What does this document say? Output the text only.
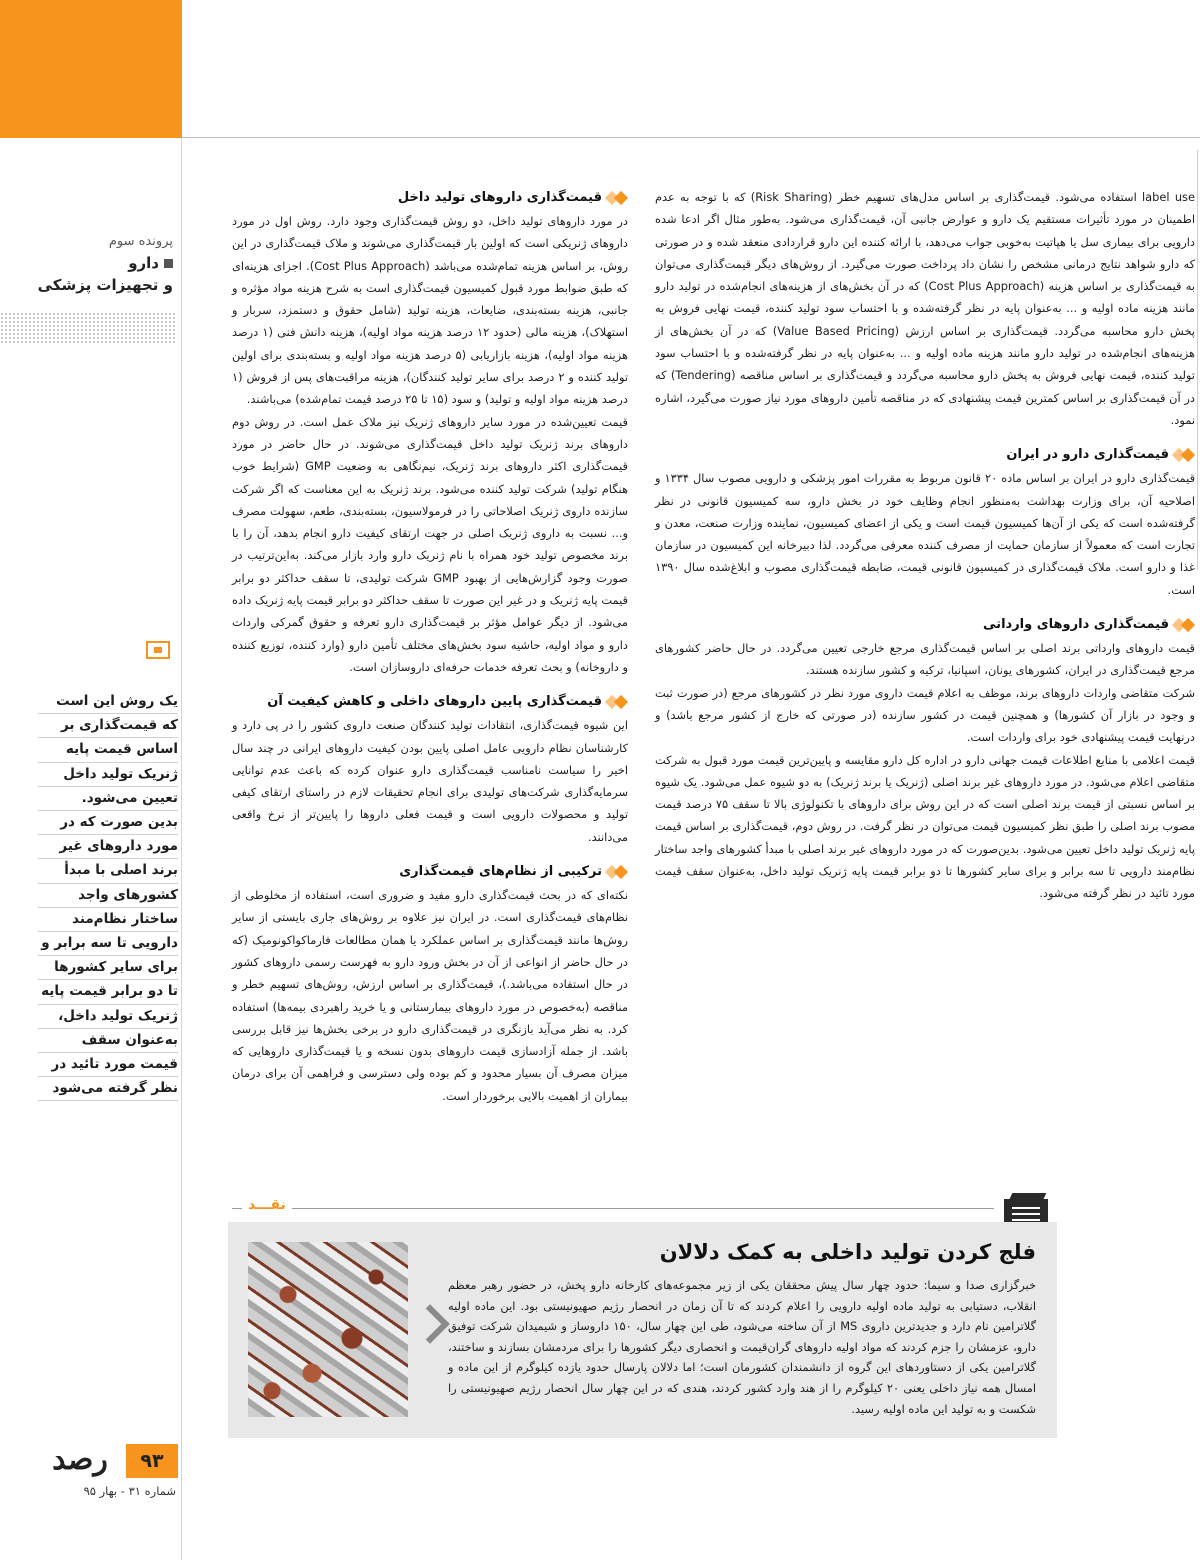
پرونده سوم
دارو
و تجهیزات پزشکی
یک روش این است
که قیمت‌گذاری بر
اساس قیمت پایه
ژنریک تولید داخل
تعیین می‌شود.
بدین صورت که در
مورد داروهای غیر
برند اصلی با مبدأ
کشورهای واجد
ساختار نظام‌مند
دارویی تا سه برابر و
برای سایر کشورها
تا دو برابر قیمت پایه
ژنریک تولید داخل،
به‌عنوان سقف
قیمت مورد تائید در
نظر گرفته می‌شود
label use استفاده می‌شود. قیمت‌گذاری بر اساس مدل‌های تسهیم خطر (Risk Sharing) که با توجه به عدم اطمینان در مورد تأثیرات مستقیم یک دارو و عوارض جانبی آن، قیمت‌گذاری می‌شود. به‌طور مثال اگر ادعا شده دارویی برای بیماری سل یا هپاتیت به‌خوبی جواب می‌دهد، با ارائه کننده این دارو قراردادی منعقد شده و در صورتی که دارو شواهد نتایج درمانی مشخص را نشان داد پرداخت صورت می‌گیرد. از روش‌های دیگر قیمت‌گذاری می‌توان به قیمت‌گذاری بر اساس هزینه (Cost Plus Approach) که در آن بخش‌های از هزینه‌های انجام‌شده در تولید دارو مانند هزینه ماده اولیه و ... به‌عنوان پایه در نظر گرفته‌شده و با احتساب سود تولید کننده، قیمت نهایی فروش به پخش دارو محاسبه می‌گردد. قیمت‌گذاری بر اساس ارزش (Value Based Pricing) که در آن بخش‌های از هزینه‌های انجام‌شده در تولید دارو مانند هزینه ماده اولیه و ... به‌عنوان پایه در نظر گرفته‌شده و با احتساب سود تولید کننده، قیمت نهایی فروش به پخش دارو محاسبه می‌گردد و قیمت‌گذاری بر اساس مناقصه (Tendering) که در آن قیمت‌گذاری بر اساس کمترین قیمت پیشنهادی که در مناقصه تأمین داروهای مورد نیاز صورت می‌گیرد، اشاره نمود.
قیمت‌گذاری دارو در ایران
قیمت‌گذاری دارو در ایران بر اساس ماده ۲۰ قانون مربوط به مقررات امور پزشکی و دارویی مصوب سال ۱۳۳۴ و اصلاحیه آن، برای وزارت بهداشت به‌منظور انجام وظایف خود در بخش دارو، سه کمیسیون قانونی در نظر گرفته‌شده است که یکی از آن‌ها کمیسیون قیمت است و یکی از اعضای کمیسیون، نماینده وزارت صنعت، معدن و تجارت است که معمولاً از سازمان حمایت از مصرف کننده معرفی می‌گردد. لذا دبیرخانه این کمیسیون در سازمان غذا و دارو است. ملاک قیمت‌گذاری در کمیسیون قانونی قیمت، ضابطه قیمت‌گذاری مصوب و ابلاغ‌شده سال ۱۳۹۰ است.
قیمت‌گذاری داروهای وارداتی
قیمت داروهای وارداتی برند اصلی بر اساس قیمت‌گذاری مرجع خارجی تعیین می‌گردد. در حال حاضر کشورهای مرجع قیمت‌گذاری در ایران، کشورهای یونان، اسپانیا، ترکیه و کشور سازنده هستند.
شرکت متقاضی واردات داروهای برند، موظف به اعلام قیمت داروی مورد نظر در کشورهای مرجع (در صورت ثبت و وجود در بازار آن کشورها) و همچنین قیمت در کشور سازنده (در صورتی که خارج از کشور مرجع باشد) و درنهایت قیمت پیشنهادی خود برای واردات است.
قیمت اعلامی با منابع اطلاعات قیمت جهانی دارو در اداره کل دارو مقایسه و پایین‌ترین قیمت مورد قبول به شرکت متقاضی اعلام می‌شود. در مورد داروهای غیر برند اصلی (ژنریک یا برند ژنریک) به دو شیوه عمل می‌شود. یک شیوه بر اساس نسبتی از قیمت برند اصلی است که در این روش برای داروهای با تکنولوژی بالا تا سقف ۷۵ درصد قیمت مصوب برند اصلی را طبق نظر کمیسیون قیمت می‌توان در نظر گرفت. در روش دوم، قیمت‌گذاری بر اساس قیمت پایه ژنریک تولید داخل تعیین می‌شود. بدین‌صورت که در مورد داروهای غیر برند اصلی با مبدأ کشورهای واجد ساختار نظام‌مند دارویی تا سه برابر و برای سایر کشورها تا دو برابر قیمت پایه ژنریک تولید داخل، به‌عنوان سقف قیمت مورد تائید در نظر گرفته می‌شود.
قیمت‌گذاری داروهای تولید داخل
در مورد داروهای تولید داخل، دو روش قیمت‌گذاری وجود دارد. روش اول در مورد داروهای ژنریکی است که اولین بار قیمت‌گذاری می‌شوند و ملاک قیمت‌گذاری در این روش، بر اساس هزینه تمام‌شده می‌باشد (Cost Plus Approach). اجزای هزینه‌ای که طبق ضوابط مورد قبول کمیسیون قیمت‌گذاری است به شرح هزینه مواد مؤثره و جانبی، هزینه بسته‌بندی، ضایعات، هزینه تولید (شامل حقوق و دستمزد، سربار و استهلاک)، هزینه مالی (حدود ۱۲ درصد هزینه مواد اولیه)، هزینه دانش فنی (۱ درصد هزینه مواد اولیه)، هزینه بازاریابی (۵ درصد هزینه مواد اولیه و بسته‌بندی برای اولین تولید کننده و ۲ درصد برای سایر تولید کنندگان)، هزینه مراقبت‌های پس از فروش (۱ درصد هزینه مواد اولیه و تولید) و سود (۱۵ تا ۲۵ درصد قیمت تمام‌شده) می‌باشند.
قیمت تعیین‌شده در مورد سایر داروهای ژنریک نیز ملاک عمل است. در روش دوم داروهای برند ژنریک تولید داخل قیمت‌گذاری می‌شوند. در حال حاضر در مورد قیمت‌گذاری اکثر داروهای برند ژنریک، نیم‌نگاهی به وضعیت GMP (شرایط خوب هنگام تولید) شرکت تولید کننده می‌شود. برند ژنریک به این معناست که اگر شرکت سازنده داروی ژنریک اصلاحاتی را در فرمولاسیون، بسته‌بندی، طعم، سهولت مصرف و... نسبت به داروی ژنریک اصلی در جهت ارتقای کیفیت دارو انجام بدهد، آن را با برند مخصوص تولید خود همراه با نام ژنریک دارو وارد بازار می‌کند. به‌این‌ترتیب در صورت وجود گزارش‌هایی از بهبود GMP شرکت تولیدی، تا سقف حداکثر دو برابر قیمت پایه ژنریک و در غیر این صورت تا سقف حداکثر دو برابر قیمت پایه ژنریک داده می‌شود. از دیگر عوامل مؤثر بر قیمت‌گذاری دارو تعرفه و حقوق گمرکی واردات دارو و مواد اولیه، حاشیه سود بخش‌های مختلف تأمین دارو (وارد کننده، توزیع کننده و داروخانه) و بحث تعرفه خدمات حرفه‌ای داروسازان است.
قیمت‌گذاری پایین داروهای داخلی و کاهش کیفیت آن
این شیوه قیمت‌گذاری، انتقادات تولید کنندگان صنعت داروی کشور را در پی دارد و کارشناسان نظام دارویی عامل اصلی پایین بودن کیفیت داروهای ایرانی در چند سال اخیر را سیاست نامناسب قیمت‌گذاری دارو عنوان کرده که باعث عدم توانایی سرمایه‌گذاری شرکت‌های تولیدی برای انجام تحقیقات لازم در راستای ارتقای کیفی تولید و محصولات دارویی است و قیمت فعلی داروها را پایین‌تر از نرخ واقعی می‌دانند.
ترکیبی از نظام‌های قیمت‌گذاری
نکته‌ای که در بحث قیمت‌گذاری دارو مفید و ضروری است، استفاده از مخلوطی از نظام‌های قیمت‌گذاری است. در ایران نیز علاوه بر روش‌های جاری بایستی از سایر روش‌ها مانند قیمت‌گذاری بر اساس عملکرد یا همان مطالعات فارماکواکونومیک (که در حال حاضر از انواعی از آن در بخش ورود دارو به فهرست رسمی داروهای کشور در حال استفاده می‌باشد.)، قیمت‌گذاری بر اساس ارزش، روش‌های تسهیم خطر و مناقصه (به‌خصوص در مورد داروهای بیمارستانی و یا خرید راهبردی بیمه‌ها) استفاده کرد. به نظر می‌آید بازنگری در قیمت‌گذاری دارو در برخی بخش‌ها نیز قابل بررسی باشد. از جمله آزادسازی قیمت داروهای بدون نسخه و یا قیمت‌گذاری داروهایی که میزان مصرف آن بسیار محدود و کم بوده ولی دسترسی و فراهمی آن برای درمان بیماران از اهمیت بالایی برخوردار است.
نقـــد
فلج کردن تولید داخلی به کمک دلالان
خبرگزاری صدا و سیما: حدود چهار سال پیش محققان یکی از زیر مجموعه‌های کارخانه دارو پخش، در حضور رهبر معظم انقلاب، دستیابی به تولید ماده اولیه دارویی را اعلام کردند که تا آن زمان در انحصار رژیم صهیونیستی بود. این ماده اولیه گلاترامین نام دارد و جدیدترین داروی MS از آن ساخته می‌شود، طی این چهار سال، ۱۵۰ داروساز و شیمیدان شرکت توفیق دارو، عزمشان را جزم کردند که مواد اولیه داروهای گران‌قیمت و انحصاری دیگر کشورها را برای مردمشان بسازند و ساختند، گلاترامین یکی از دستاوردهای این گروه از دانشمندان کشورمان است؛ اما دلالان پارسال حدود یازده کیلوگرم از این ماده و امسال همه نیاز داخلی یعنی ۲۰ کیلوگرم را از هند وارد کشور کردند، هندی که در این چهار سال انحصار رژیم صهیونیستی را شکست و به تولید این ماده اولیه رسید.
رصد	۹۳
شماره ۳۱ - بهار ۹۵
